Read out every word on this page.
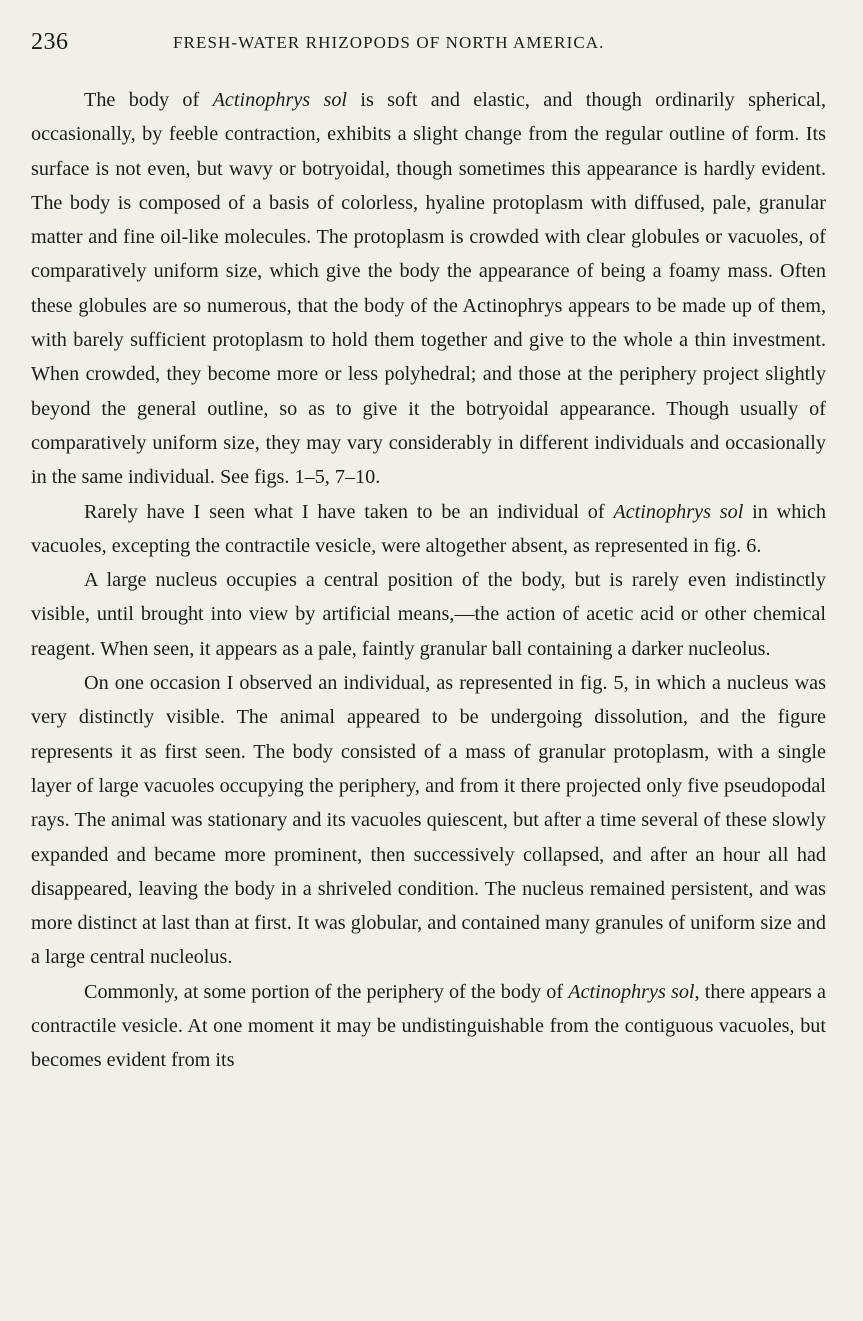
236	FRESH-WATER RHIZOPODS OF NORTH AMERICA.

The body of Actinophrys sol is soft and elastic, and though ordinarily spherical, occasionally, by feeble contraction, exhibits a slight change from the regular outline of form. Its surface is not even, but wavy or botryoidal, though sometimes this appearance is hardly evident. The body is composed of a basis of colorless, hyaline protoplasm with diffused, pale, granular matter and fine oil-like molecules. The protoplasm is crowded with clear globules or vacuoles, of comparatively uniform size, which give the body the appearance of being a foamy mass. Often these globules are so numerous, that the body of the Actinophrys appears to be made up of them, with barely sufficient protoplasm to hold them together and give to the whole a thin investment. When crowded, they become more or less polyhedral; and those at the periphery project slightly beyond the general outline, so as to give it the botryoidal appearance. Though usually of comparatively uniform size, they may vary considerably in different individuals and occasionally in the same individual. See figs. 1–5, 7–10.

Rarely have I seen what I have taken to be an individual of Actinophrys sol in which vacuoles, excepting the contractile vesicle, were altogether absent, as represented in fig. 6.

A large nucleus occupies a central position of the body, but is rarely even indistinctly visible, until brought into view by artificial means,—the action of acetic acid or other chemical reagent. When seen, it appears as a pale, faintly granular ball containing a darker nucleolus.

On one occasion I observed an individual, as represented in fig. 5, in which a nucleus was very distinctly visible. The animal appeared to be undergoing dissolution, and the figure represents it as first seen. The body consisted of a mass of granular protoplasm, with a single layer of large vacuoles occupying the periphery, and from it there projected only five pseudopodal rays. The animal was stationary and its vacuoles quiescent, but after a time several of these slowly expanded and became more prominent, then successively collapsed, and after an hour all had disappeared, leaving the body in a shriveled condition. The nucleus remained persistent, and was more distinct at last than at first. It was globular, and contained many granules of uniform size and a large central nucleolus.

Commonly, at some portion of the periphery of the body of Actinophrys sol, there appears a contractile vesicle. At one moment it may be undistinguishable from the contiguous vacuoles, but becomes evident from its
